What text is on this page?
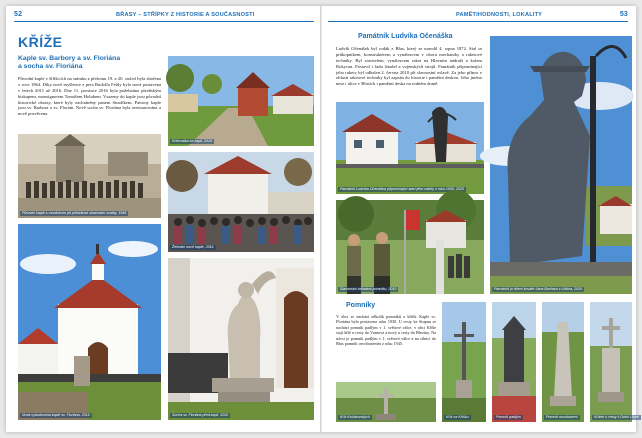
52	BŘASY – STŘÍPKY Z HISTORIE A SOUČASNOSTI
KŘÍŽE
Kaple sv. Barbory a sv. Floriána
a socha sv. Floriána
Původní kaple v Kříšicích na snímku z přelomu 19. a 20. století byla zbořena v roce 1964. Díky nové myšlence z pera Rudolfa Feldy byla nová postavena v letech 2011 až 2016. Dne 11. prosince 2016 byla požehnána plzeňským biskupem, monsignorem Tomášem Holubem. Vsazeny do kaple jsou původní historické obrazy, které byly zachráněny panem Smolíkem. Patrony kaple jsou sv. Barbora a sv. Florián. Nově socha sv. Floriána byla zrestaurována a nově posvěcena.
Původní kaple s množstvím při příležitosti slavnostní svatby, 1946
Nová vybudovaná kaple sv. Floriána, 2016
Křižovatka ke kapli, 2015
Žehnání nové kaple, 2016
Socha sv. Floriána před kaplí, 2020
PAMĚTIHODNOSTI, LOKALITY	53
Památník Ludvíka Očenáška
Ludvík Očenášek byl rodák z Břas, který se narodil 4. srpna 1872. Stal se průkopníkem, konstruktérem a vynálezcem v oboru mechaniky a raketové techniky. Byl stavitelem, vynálezcem raket na Hlavním nádraží a kolem Rokycan. Postavil i řadu letadel a vojenských strojů. Památník připomínající jeho rakety byl odhalen 2. června 2010 při slavnostní oslavě. Za jeho přínos v oblasti raketové techniky byl zapsán do historie i pamětní deskou. Jeho jméno nese i ulice v Břasích i pamětní deska na rodném domě.
Památník Ludvíka Očenáška připomínající start jeho rakety z roku 1930, 2020
Slavnostní odhalení pomníku, 2010	Památník je dílem kováře Jana Buchara z Liblína, 2020
Pomníky
V obci se nachází několik pomníků a křížů. Kaple sv. Floriána byla postavena roku 1930. U cesty ke Stupnu se nachází pomník padlým v 1. světové válce, v obci Kříše stojí kříž u cesty do Vranova a nový u cesty do Březiny. Na návsi je pomník padlým v 1. světové válce a na silnici do Břas pomník osvobozením z roku 1945.
Kříž Kočárovských	Kříž na Kříšku	Pomník padlým	Pomník osvobození	Křížek u cesty k Dolní Lhotě
